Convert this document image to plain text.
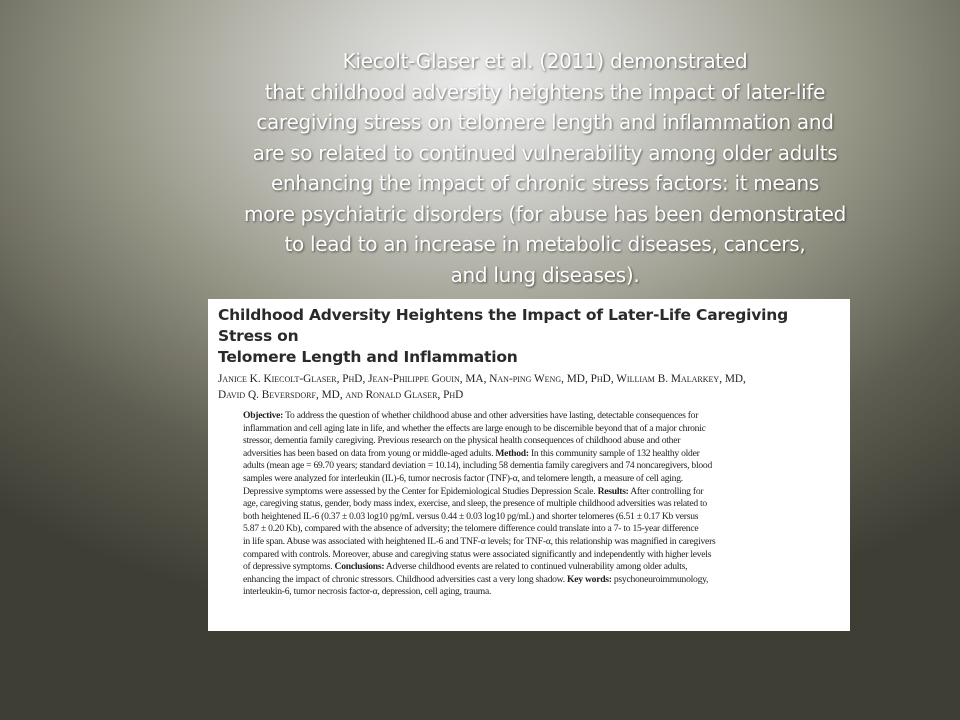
Kiecolt-Glaser et al. (2011) demonstrated
that childhood adversity heightens the impact of later-life
caregiving stress on telomere length and inflammation and
are so related to continued vulnerability among older adults
enhancing the impact of chronic stress factors: it means
more psychiatric disorders (for abuse has been demonstrated
to lead to an increase in metabolic diseases, cancers,
and lung diseases).

Childhood Adversity Heightens the Impact of Later-Life Caregiving Stress on
Telomere Length and Inflammation
Janice K. Kiecolt-Glaser, PhD, Jean-Philippe Gouin, MA, Nan-ping Weng, MD, PhD, William B. Malarkey, MD,
David Q. Beversdorf, MD, and Ronald Glaser, PhD
Objective: To address the question of whether childhood abuse and other adversities have lasting, detectable consequences for
inflammation and cell aging late in life, and whether the effects are large enough to be discernible beyond that of a major chronic
stressor, dementia family caregiving. Previous research on the physical health consequences of childhood abuse and other
adversities has been based on data from young or middle-aged adults. Method: In this community sample of 132 healthy older
adults (mean age = 69.70 years; standard deviation = 10.14), including 58 dementia family caregivers and 74 noncaregivers, blood
samples were analyzed for interleukin (IL)-6, tumor necrosis factor (TNF)-α, and telomere length, a measure of cell aging.
Depressive symptoms were assessed by the Center for Epidemiological Studies Depression Scale. Results: After controlling for
age, caregiving status, gender, body mass index, exercise, and sleep, the presence of multiple childhood adversities was related to
both heightened IL-6 (0.37 ± 0.03 log10 pg/mL versus 0.44 ± 0.03 log10 pg/mL) and shorter telomeres (6.51 ± 0.17 Kb versus
5.87 ± 0.20 Kb), compared with the absence of adversity; the telomere difference could translate into a 7- to 15-year difference
in life span. Abuse was associated with heightened IL-6 and TNF-α levels; for TNF-α, this relationship was magnified in caregivers
compared with controls. Moreover, abuse and caregiving status were associated significantly and independently with higher levels
of depressive symptoms. Conclusions: Adverse childhood events are related to continued vulnerability among older adults,
enhancing the impact of chronic stressors. Childhood adversities cast a very long shadow. Key words: psychoneuroimmunology,
interleukin-6, tumor necrosis factor-α, depression, cell aging, trauma.
